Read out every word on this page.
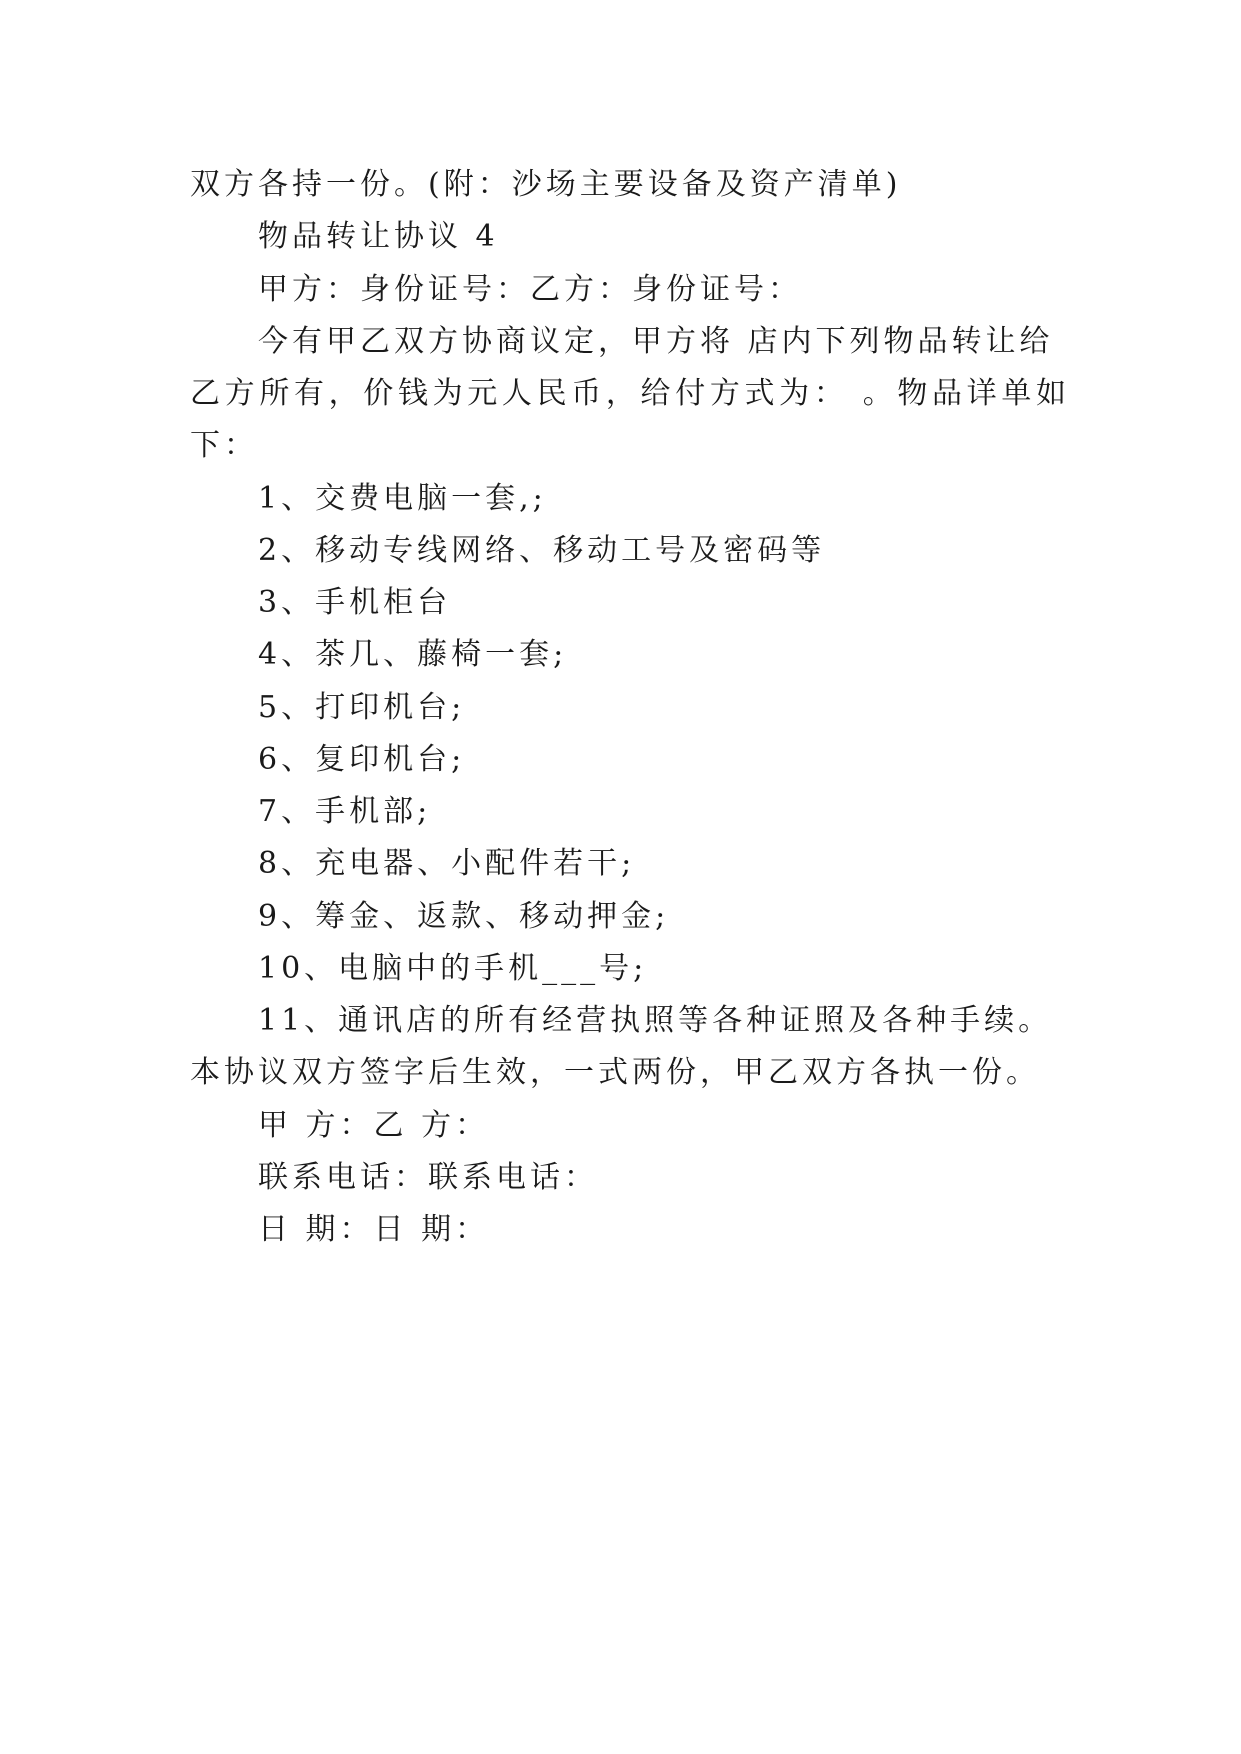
双方各持一份。(附：沙场主要设备及资产清单)
物品转让协议 4
甲方：身份证号：乙方：身份证号：
今有甲乙双方协商议定，甲方将 店内下列物品转让给
乙方所有，价钱为元人民币，给付方式为： 。物品详单如
下：
1、交费电脑一套,;
2、移动专线网络、移动工号及密码等
3、手机柜台
4、茶几、藤椅一套;
5、打印机台;
6、复印机台;
7、手机部;
8、充电器、小配件若干;
9、筹金、返款、移动押金;
10、电脑中的手机___号;
11、通讯店的所有经营执照等各种证照及各种手续。
本协议双方签字后生效，一式两份，甲乙双方各执一份。
甲 方：乙 方：
联系电话：联系电话：
日 期：日 期：
